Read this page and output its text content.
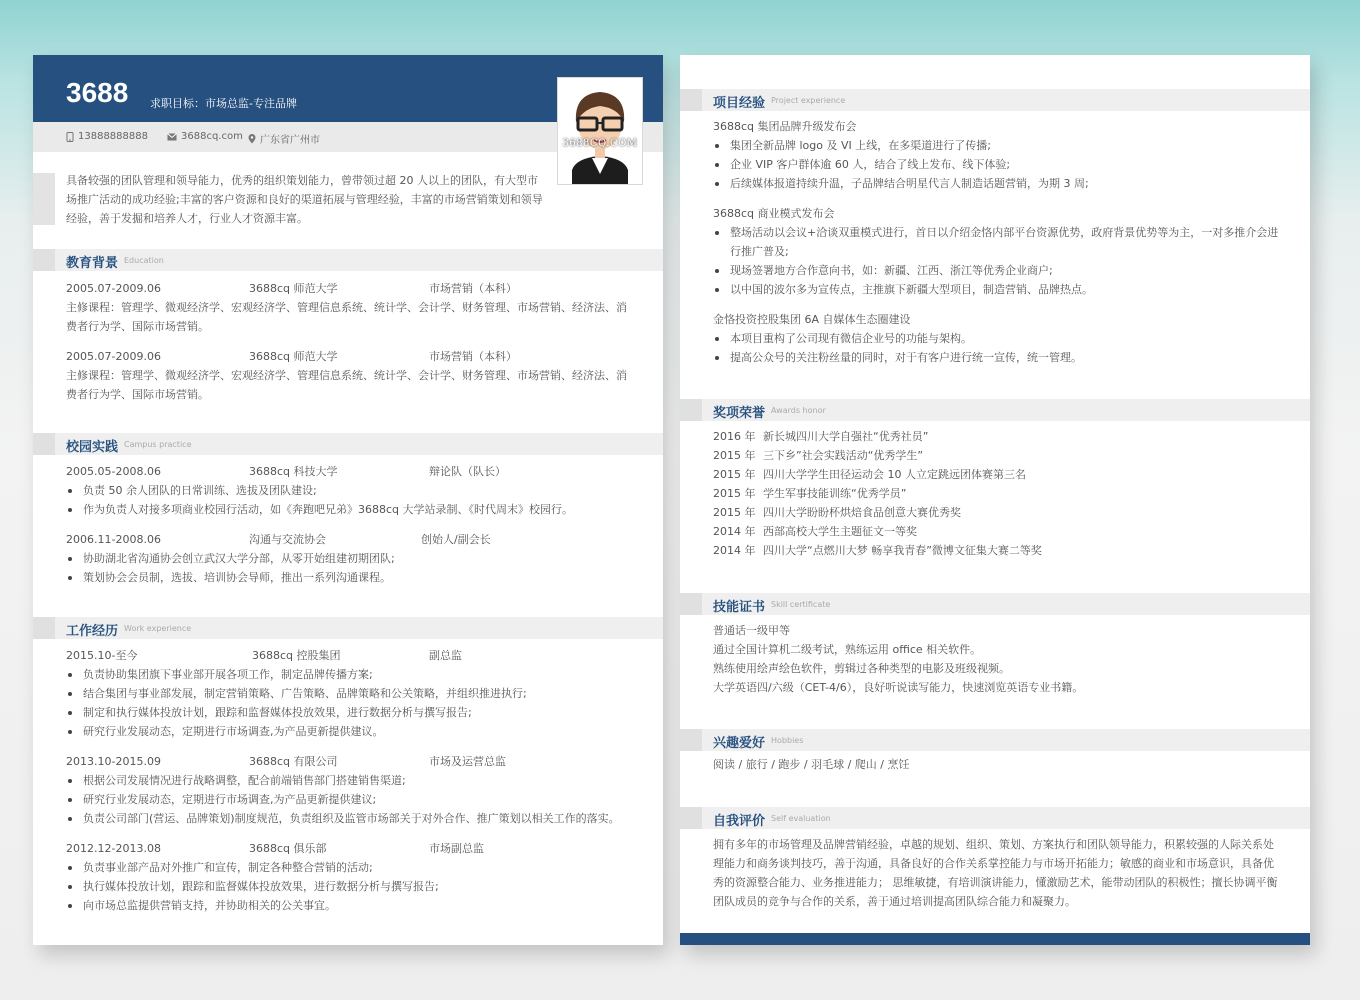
3688 求职目标：市场总监-专注品牌
13888888888	3688cq.com 广东省广州市	3688CQ.COM
具备较强的团队管理和领导能力，优秀的组织策划能力，曾带领过超 20 人以上的团队，有大型市场推广活动的成功经验;丰富的客户资源和良好的渠道拓展与管理经验，丰富的市场营销策划和领导经验，善于发掘和培养人才，行业人才资源丰富。
教育背景 Education
2005.07-2009.06	3688cq 师范大学	市场营销（本科）
主修课程：管理学、微观经济学、宏观经济学、管理信息系统、统计学、会计学、财务管理、市场营销、经济法、消费者行为学、国际市场营销。
2005.07-2009.06	3688cq 师范大学	市场营销（本科）
主修课程：管理学、微观经济学、宏观经济学、管理信息系统、统计学、会计学、财务管理、市场营销、经济法、消费者行为学、国际市场营销。
校园实践 Campus practice
2005.05-2008.06	3688cq 科技大学	辩论队（队长）
负责 50 余人团队的日常训练、选拔及团队建设;
作为负责人对接多项商业校园行活动，如《奔跑吧兄弟》3688cq 大学站录制、《时代周末》校园行。
2006.11-2008.06	沟通与交流协会	创始人/副会长
协助湖北省沟通协会创立武汉大学分部，从零开始组建初期团队;
策划协会会员制，选拔、培训协会导师，推出一系列沟通课程。
工作经历 Work experience
2015.10-至今	3688cq 控股集团	副总监
负责协助集团旗下事业部开展各项工作，制定品牌传播方案;
结合集团与事业部发展，制定营销策略、广告策略、品牌策略和公关策略，并组织推进执行;
制定和执行媒体投放计划，跟踪和监督媒体投放效果，进行数据分析与撰写报告;
研究行业发展动态，定期进行市场调查,为产品更新提供建议。
2013.10-2015.09	3688cq 有限公司	市场及运营总监
根据公司发展情况进行战略调整，配合前端销售部门搭建销售渠道;
研究行业发展动态，定期进行市场调查,为产品更新提供建议;
负责公司部门(营运、品牌策划)制度规范，负责组织及监管市场部关于对外合作、推广策划以相关工作的落实。
2012.12-2013.08	3688cq 俱乐部	市场副总监
负责事业部产品对外推广和宣传，制定各种整合营销的活动;
执行媒体投放计划，跟踪和监督媒体投放效果，进行数据分析与撰写报告;
向市场总监提供营销支持，并协助相关的公关事宜。
项目经验 Project experience
3688cq 集团品牌升级发布会
集团全新品牌 logo 及 VI 上线，在多渠道进行了传播;
企业 VIP 客户群体逾 60 人，结合了线上发布、线下体验;
后续媒体报道持续升温，子品牌结合明星代言人制造话题营销，为期 3 周;
3688cq 商业模式发布会
整场活动以会议+洽谈双重模式进行，首日以介绍金恪内部平台资源优势，政府背景优势等为主，一对多推介会进行推广普及;
现场签署地方合作意向书，如：新疆、江西、浙江等优秀企业商户;
以中国的波尔多为宣传点，主推旗下新疆大型项目，制造营销、品牌热点。
金恪投资控股集团 6A 自媒体生态圈建设
本项目重构了公司现有微信企业号的功能与架构。
提高公众号的关注粉丝量的同时，对于有客户进行统一宣传，统一管理。
奖项荣誉 Awards honor
2016 年 新长城四川大学自强社“优秀社员”
2015 年 三下乡”社会实践活动“优秀学生”
2015 年 四川大学学生田径运动会 10 人立定跳远团体赛第三名
2015 年 学生军事技能训练“优秀学员”
2015 年 四川大学盼盼杯烘焙食品创意大赛优秀奖
2014 年 西部高校大学生主题征文一等奖
2014 年 四川大学“点燃川大梦 畅享我青春”微博文征集大赛二等奖
技能证书 Skill certificate
普通话一级甲等
通过全国计算机二级考试，熟练运用 office 相关软件。
熟练使用绘声绘色软件，剪辑过各种类型的电影及班级视频。
大学英语四/六级（CET-4/6），良好听说读写能力，快速浏览英语专业书籍。
兴趣爱好 Hobbies
阅读 / 旅行 / 跑步 / 羽毛球 / 爬山 / 烹饪
自我评价 Self evaluation
拥有多年的市场管理及品牌营销经验，卓越的规划、组织、策划、方案执行和团队领导能力，积累较强的人际关系处理能力和商务谈判技巧，善于沟通，具备良好的合作关系掌控能力与市场开拓能力；敏感的商业和市场意识，具备优秀的资源整合能力、业务推进能力； 思维敏捷，有培训演讲能力，懂激励艺术，能带动团队的积极性；擅长协调平衡团队成员的竞争与合作的关系，善于通过培训提高团队综合能力和凝聚力。
